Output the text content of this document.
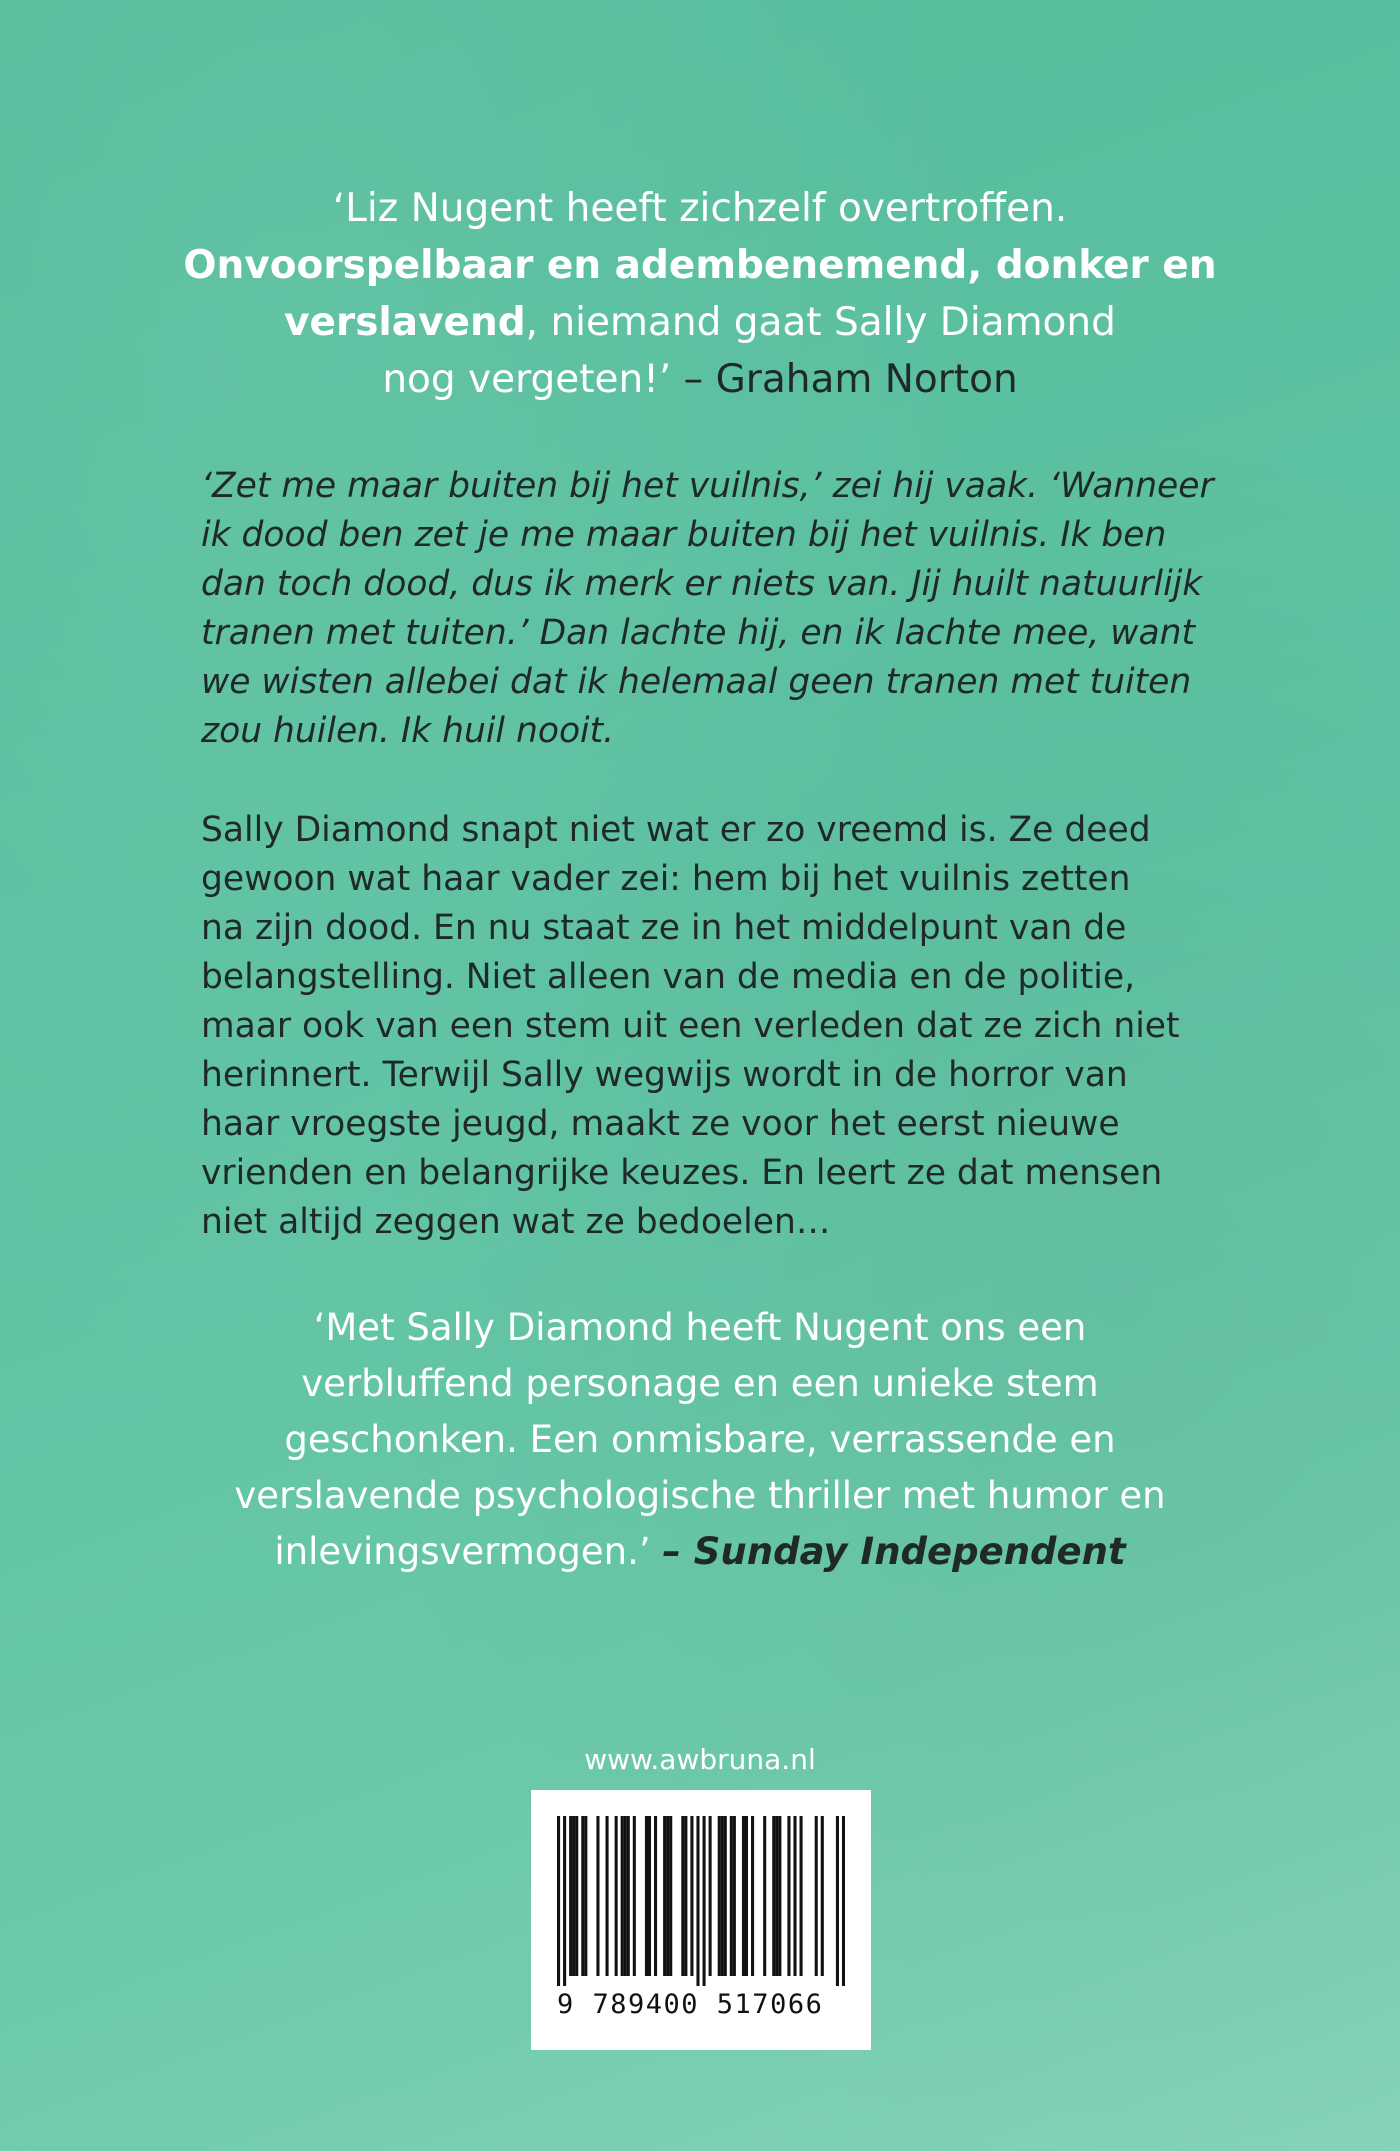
‘Liz Nugent heeft zichzelf overtroffen.
Onvoorspelbaar en adembenemend, donker en
verslavend, niemand gaat Sally Diamond
nog vergeten!’ – Graham Norton
‘Zet me maar buiten bij het vuilnis,’ zei hij vaak. ‘Wanneer
ik dood ben zet je me maar buiten bij het vuilnis. Ik ben
dan toch dood, dus ik merk er niets van. Jij huilt natuurlijk
tranen met tuiten.’ Dan lachte hij, en ik lachte mee, want
we wisten allebei dat ik helemaal geen tranen met tuiten
zou huilen. Ik huil nooit.
Sally Diamond snapt niet wat er zo vreemd is. Ze deed
gewoon wat haar vader zei: hem bij het vuilnis zetten
na zijn dood. En nu staat ze in het middelpunt van de
belangstelling. Niet alleen van de media en de politie,
maar ook van een stem uit een verleden dat ze zich niet
herinnert. Terwijl Sally wegwijs wordt in de horror van
haar vroegste jeugd, maakt ze voor het eerst nieuwe
vrienden en belangrijke keuzes. En leert ze dat mensen
niet altijd zeggen wat ze bedoelen…
‘Met Sally Diamond heeft Nugent ons een
verbluffend personage en een unieke stem
geschonken. Een onmisbare, verrassende en
verslavende psychologische thriller met humor en
inlevingsvermogen.’ – Sunday Independent
www.awbruna.nl
9 789400 517066
